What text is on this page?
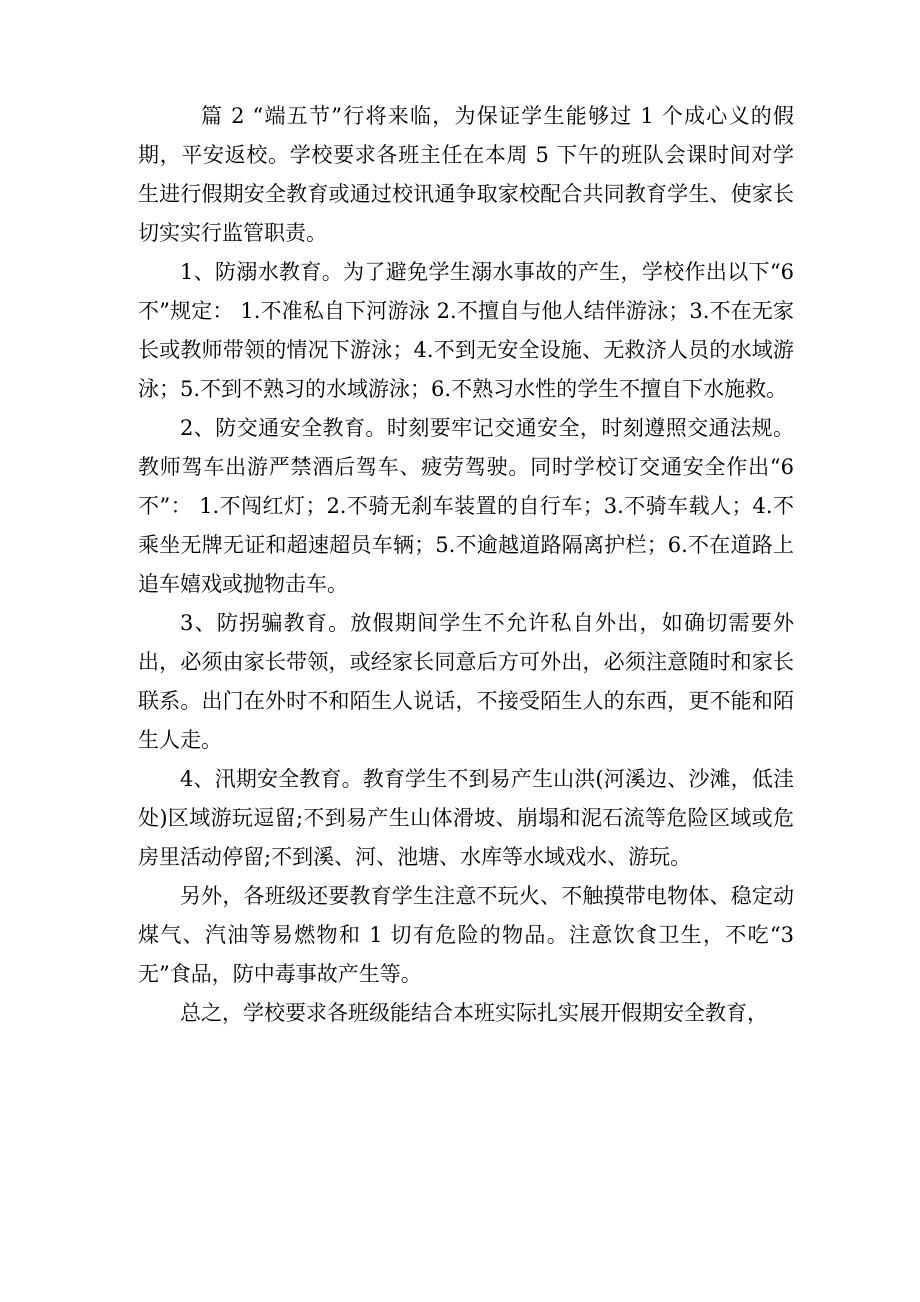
篇 2 “端五节”行将来临，为保证学生能够过 1 个成心义的假期，平安返校。学校要求各班主任在本周 5 下午的班队会课时间对学生进行假期安全教育或通过校讯通争取家校配合共同教育学生、使家长切实实行监管职责。

1、防溺水教育。为了避免学生溺水事故的产生，学校作出以下“6 不”规定： 1.不准私自下河游泳 2.不擅自与他人结伴游泳；3.不在无家长或教师带领的情况下游泳；4.不到无安全设施、无救济人员的水域游泳；5.不到不熟习的水域游泳；6.不熟习水性的学生不擅自下水施救。

2、防交通安全教育。时刻要牢记交通安全，时刻遵照交通法规。教师驾车出游严禁酒后驾车、疲劳驾驶。同时学校订交通安全作出“6 不”： 1.不闯红灯；2.不骑无刹车装置的自行车；3.不骑车载人；4.不乘坐无牌无证和超速超员车辆；5.不逾越道路隔离护栏；6.不在道路上追车嬉戏或抛物击车。

3、防拐骗教育。放假期间学生不允许私自外出，如确切需要外出，必须由家长带领，或经家长同意后方可外出，必须注意随时和家长联系。出门在外时不和陌生人说话，不接受陌生人的东西，更不能和陌生人走。

4、汛期安全教育。教育学生不到易产生山洪(河溪边、沙滩，低洼处)区域游玩逗留;不到易产生山体滑坡、崩塌和泥石流等危险区域或危房里活动停留;不到溪、河、池塘、水库等水域戏水、游玩。

另外，各班级还要教育学生注意不玩火、不触摸带电物体、稳定动煤气、汽油等易燃物和 1 切有危险的物品。注意饮食卫生，不吃“3 无”食品，防中毒事故产生等。

总之，学校要求各班级能结合本班实际扎实展开假期安全教育，
